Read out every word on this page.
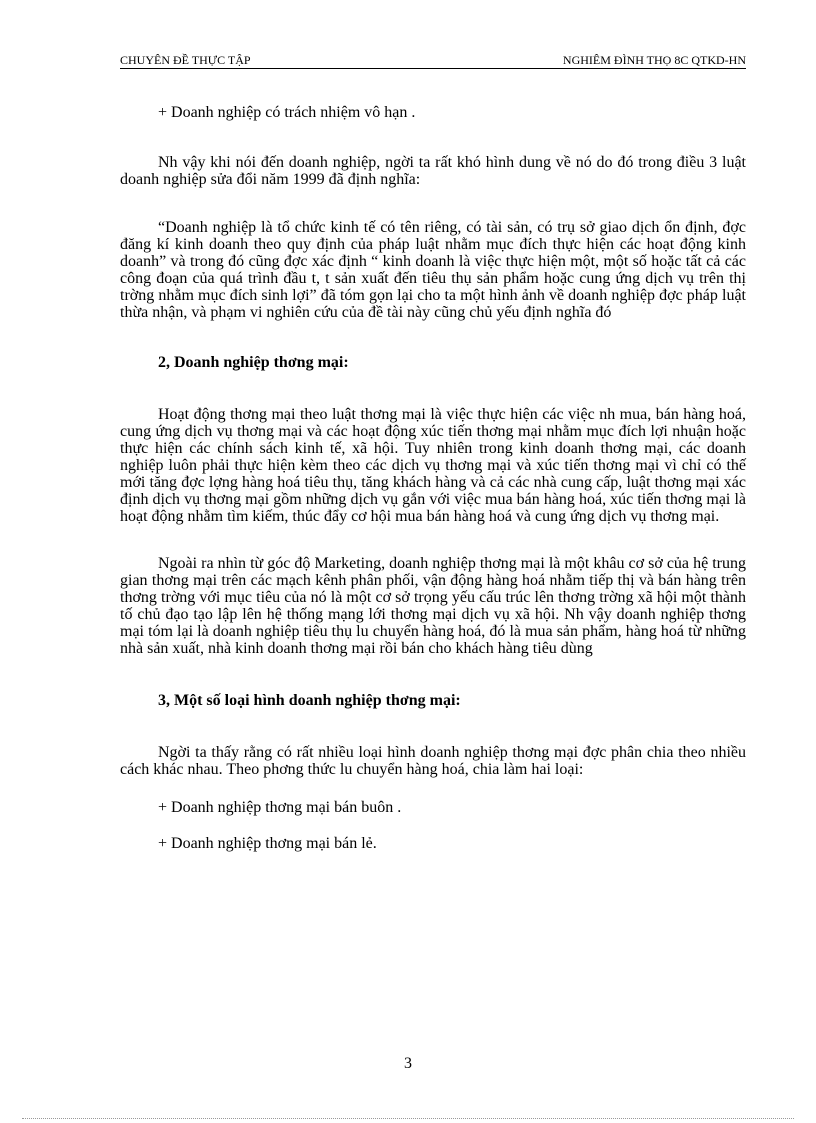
CHUYÊN ĐỀ THỰC TẬP	NGHIÊM ĐÌNH THỌ 8C QTKD-HN

+ Doanh nghiệp có trách nhiệm vô hạn .

Nh vậy khi nói đến doanh nghiệp, ngời ta rất khó hình dung về nó do đó trong điều 3 luật doanh nghiệp sửa đổi năm 1999 đã định nghĩa:

“Doanh nghiệp là tổ chức kinh tế có tên riêng, có tài sản, có trụ sở giao dịch ổn định, đợc đăng kí kinh doanh theo quy định của pháp luật nhằm mục đích thực hiện các hoạt động kinh doanh” và trong đó cũng đợc xác định “ kinh doanh là việc thực hiện một, một số hoặc tất cả các công đoạn của quá trình đầu t, t sản xuất đến tiêu thụ sản phẩm hoặc cung ứng dịch vụ trên thị trờng nhằm mục đích sinh lợi” đã tóm gọn lại cho ta một hình ảnh về doanh nghiệp đợc pháp luật thừa nhận, và phạm vi nghiên cứu của đề tài này cũng chủ yếu định nghĩa đó

2, Doanh nghiệp thơng mại:

Hoạt động thơng mại theo luật thơng mại là việc thực hiện các việc nh mua, bán hàng hoá, cung ứng dịch vụ thơng mại và các hoạt động xúc tiến thơng mại nhằm mục đích lợi nhuận hoặc thực hiện các chính sách kinh tế, xã hội. Tuy nhiên trong kinh doanh thơng mại, các doanh nghiệp luôn phải thực hiện kèm theo các dịch vụ thơng mại và xúc tiến thơng mại vì chỉ có thế mới tăng đợc lợng hàng hoá tiêu thụ, tăng khách hàng và cả các nhà cung cấp, luật thơng mại xác định dịch vụ thơng mại gồm những dịch vụ gắn với việc mua bán hàng hoá, xúc tiến thơng mại là hoạt động nhằm tìm kiếm, thúc đẩy cơ hội mua bán hàng hoá và cung ứng dịch vụ thơng mại.

Ngoài ra nhìn từ góc độ Marketing, doanh nghiệp thơng mại là một khâu cơ sở của hệ trung gian thơng mại trên các mạch kênh phân phối, vận động hàng hoá nhằm tiếp thị và bán hàng trên thơng trờng với mục tiêu của nó là một cơ sở trọng yếu cấu trúc lên thơng trờng xã hội một thành tố chủ đạo tạo lập lên hệ thống mạng lới thơng mại dịch vụ xã hội. Nh vậy doanh nghiệp thơng mại tóm lại là doanh nghiệp tiêu thụ lu chuyển hàng hoá, đó là mua sản phẩm, hàng hoá từ những nhà sản xuất, nhà kinh doanh thơng mại rồi bán cho khách hàng tiêu dùng

3, Một số loại hình doanh nghiệp thơng mại:

Ngời ta thấy rằng có rất nhiều loại hình doanh nghiệp thơng mại đợc phân chia theo nhiều cách khác nhau. Theo phơng thức lu chuyển hàng hoá, chia làm hai loại:

+ Doanh nghiệp thơng mại bán buôn .

+ Doanh nghiệp thơng mại bán lẻ.

3
